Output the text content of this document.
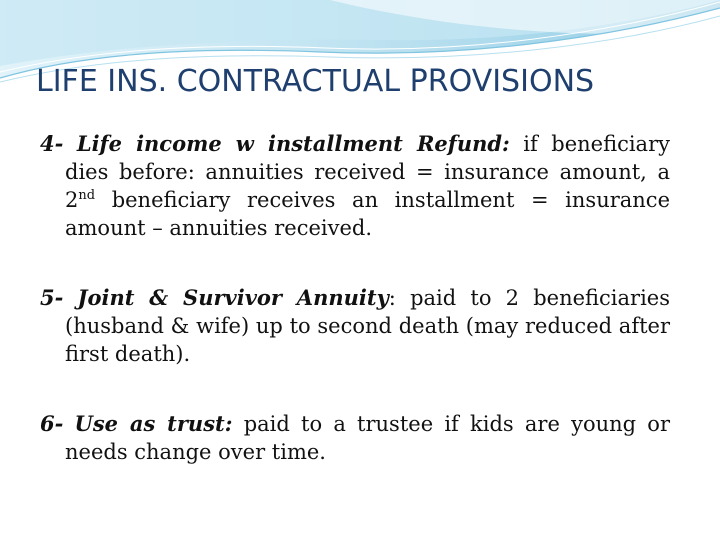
LIFE INS. CONTRACTUAL PROVISIONS

4- Life income w installment Refund: if beneficiary dies before: annuities received = insurance amount, a 2nd beneficiary receives an installment = insurance amount – annuities received.

5- Joint & Survivor Annuity: paid to 2 beneficiaries (husband & wife) up to second death (may reduced after first death).

6- Use as trust: paid to a trustee if kids are young or needs change over time.
